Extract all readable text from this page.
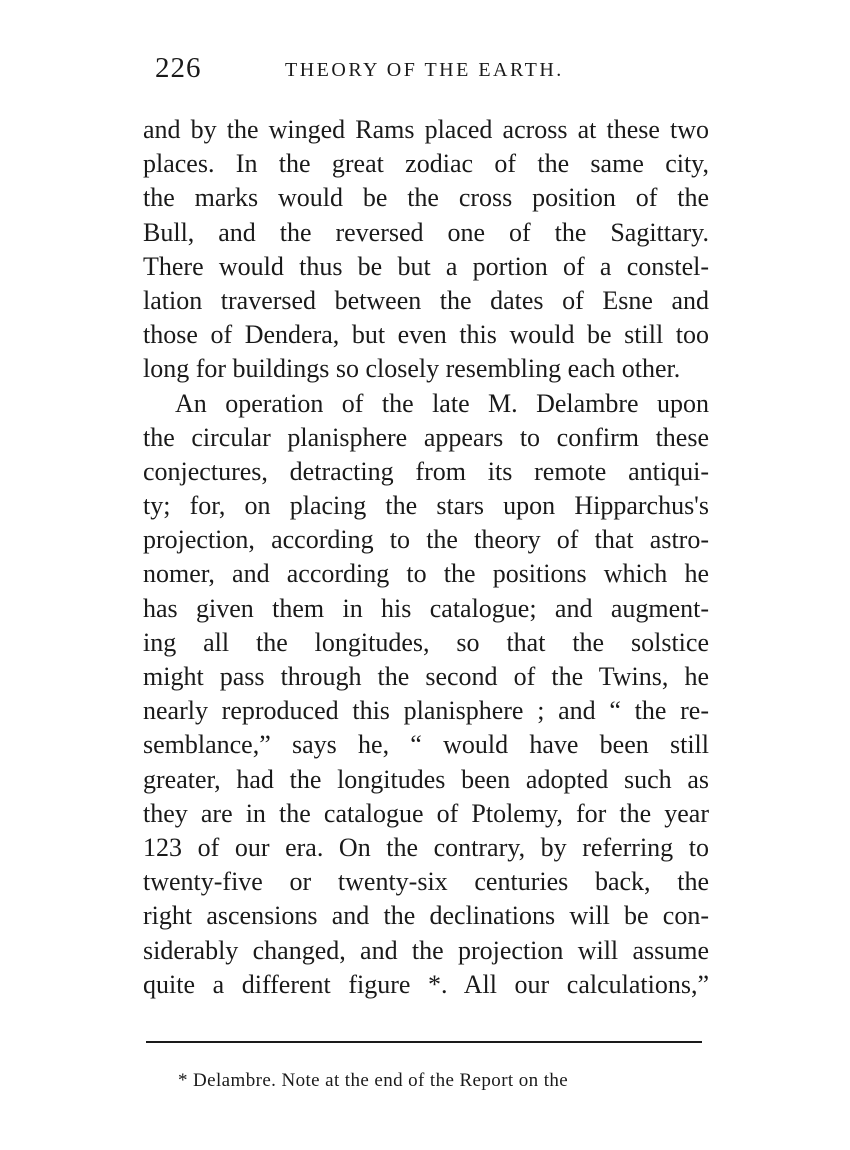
226	THEORY OF THE EARTH.
and by the winged Rams placed across at these two
places. In the great zodiac of the same city,
the marks would be the cross position of the
Bull, and the reversed one of the Sagittary.
There would thus be but a portion of a constel-
lation traversed between the dates of Esne and
those of Dendera, but even this would be still too
long for buildings so closely resembling each other.
An operation of the late M. Delambre upon
the circular planisphere appears to confirm these
conjectures, detracting from its remote antiqui-
ty; for, on placing the stars upon Hipparchus's
projection, according to the theory of that astro-
nomer, and according to the positions which he
has given them in his catalogue; and augment-
ing all the longitudes, so that the solstice
might pass through the second of the Twins, he
nearly reproduced this planisphere ; and “ the re-
semblance,” says he, “ would have been still
greater, had the longitudes been adopted such as
they are in the catalogue of Ptolemy, for the year
123 of our era. On the contrary, by referring to
twenty-five or twenty-six centuries back, the
right ascensions and the declinations will be con-
siderably changed, and the projection will assume
quite a different figure *. All our calculations,”
* Delambre. Note at the end of the Report on the
